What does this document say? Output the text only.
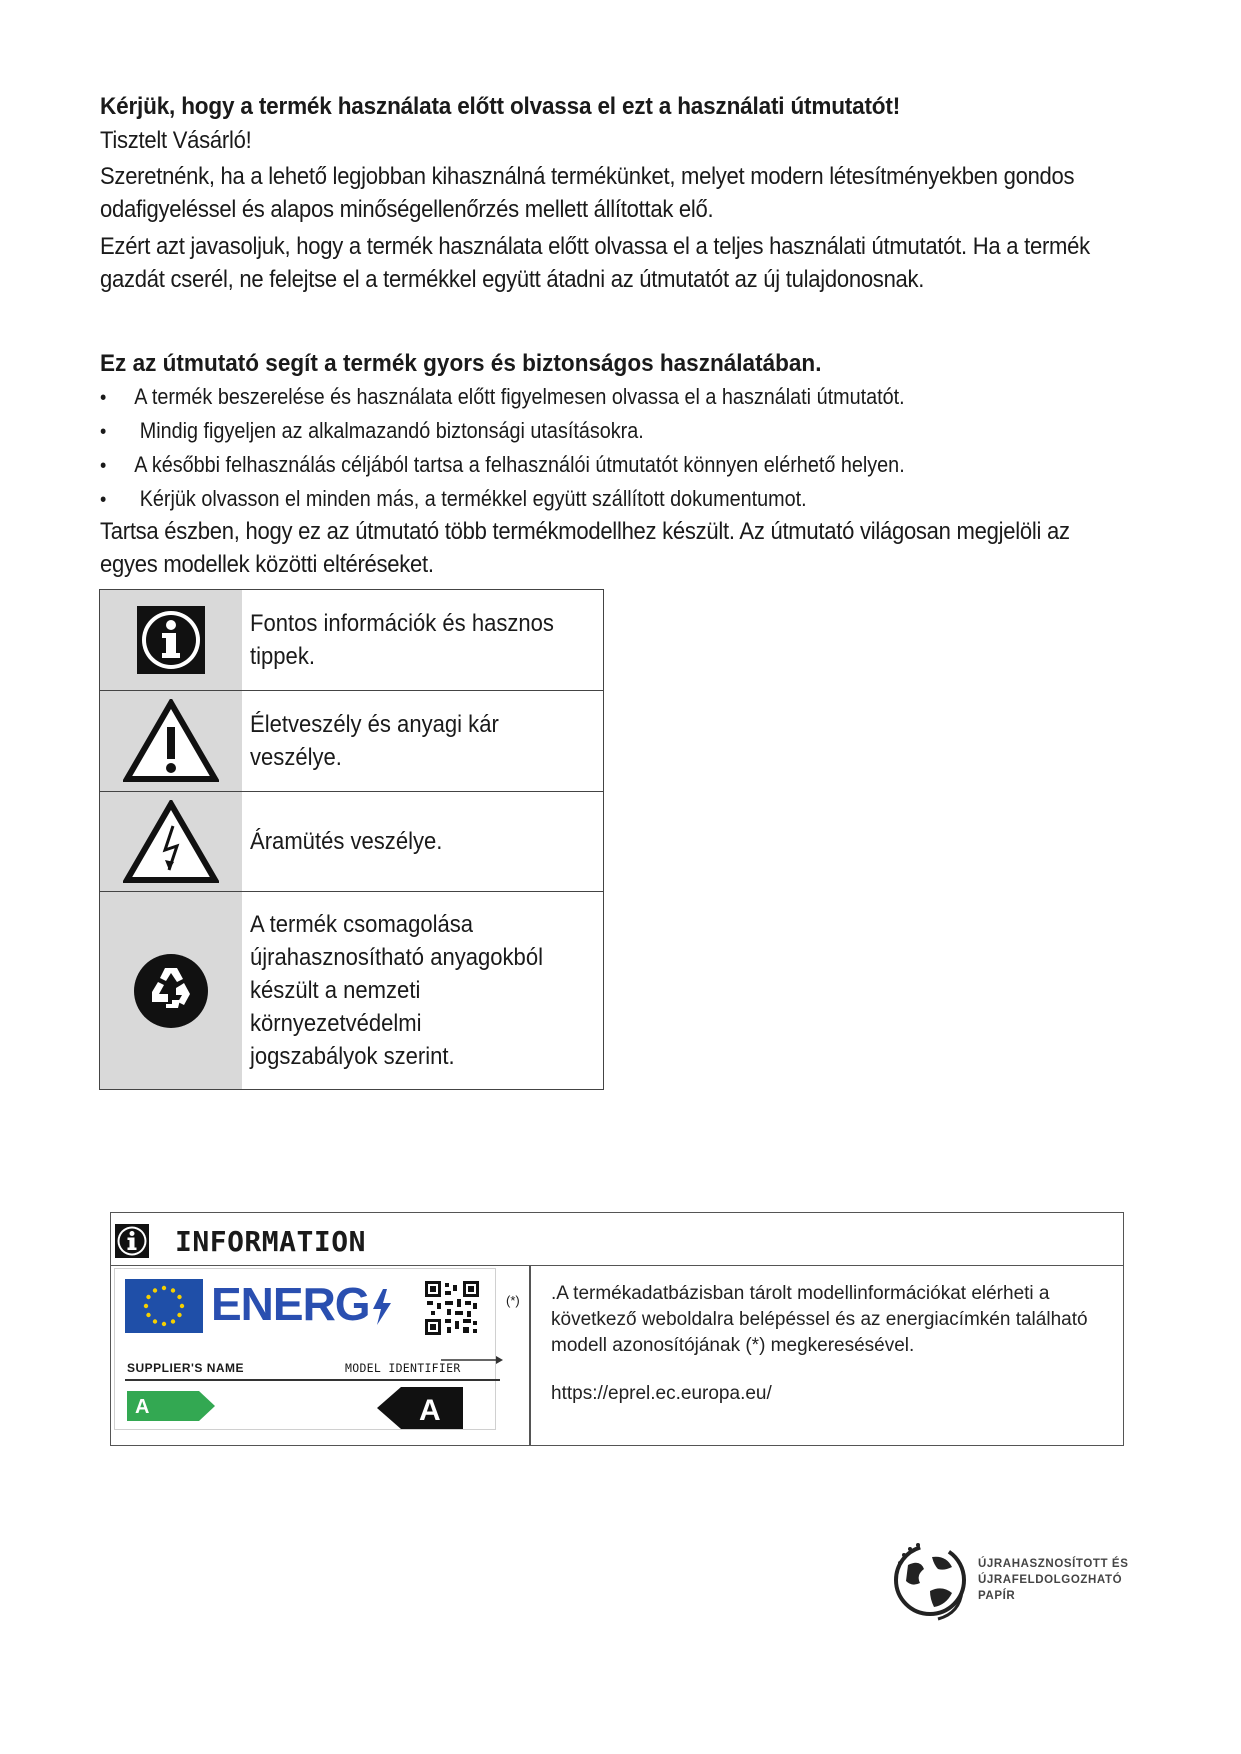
Kérjük, hogy a termék használata előtt olvassa el ezt a használati útmutatót!
Tisztelt Vásárló!
Szeretnénk, ha a lehető legjobban kihasználná termékünket, melyet modern létesítményekben gondos
odafigyeléssel és alapos minőségellenőrzés mellett állítottak elő.
Ezért azt javasoljuk, hogy a termék használata előtt olvassa el a teljes használati útmutatót. Ha a termék
gazdát cserél, ne felejtse el a termékkel együtt átadni az útmutatót az új tulajdonosnak.
Ez az útmutató segít a termék gyors és biztonságos használatában.
• A termék beszerelése és használata előtt figyelmesen olvassa el a használati útmutatót.
• Mindig figyeljen az alkalmazandó biztonsági utasításokra.
• A későbbi felhasználás céljából tartsa a felhasználói útmutatót könnyen elérhető helyen.
• Kérjük olvasson el minden más, a termékkel együtt szállított dokumentumot.
Tartsa észben, hogy ez az útmutató több termékmodellhez készült. Az útmutató világosan megjelöli az
egyes modellek közötti eltéréseket.
Fontos információk és hasznos
tippek.
Életveszély és anyagi kár veszélye.
Áramütés veszélye.
A termék csomagolása
újrahasznosítható anyagokból
készült a nemzeti környezetvédelmi
jogszabályok szerint.
INFORMATION
ENERG
SUPPLIER'S NAME	MODEL IDENTIFIER
A	A
(*) .A termékadatbázisban tárolt modellinformációkat elérheti a következő weboldalra belépéssel és az energiacímkén található modell azonosítójának (*) megkeresésével.
https://eprel.ec.europa.eu/
ÚJRAHASZNOSÍTOTT ÉS
ÚJRAFELDOLGOZHATÓ
PAPÍR
